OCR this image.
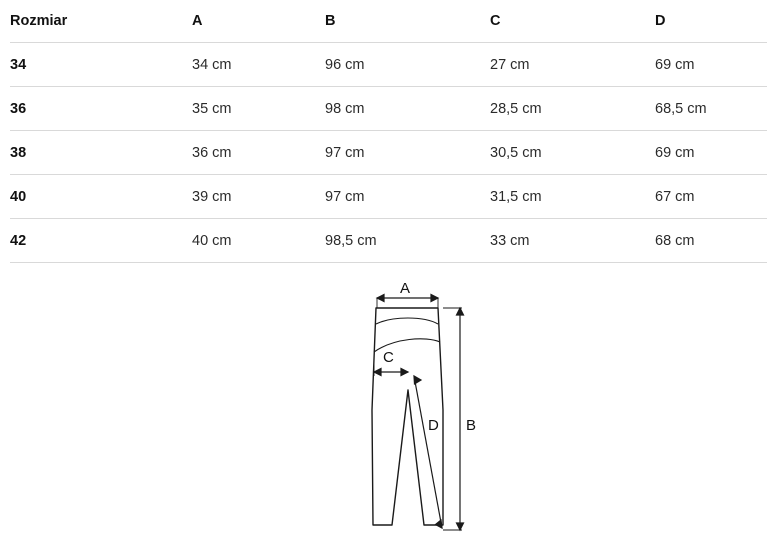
Rozmiar	A	B	C	D
34	34 cm	96 cm	27 cm	69 cm
36	35 cm	98 cm	28,5 cm	68,5 cm
38	36 cm	97 cm	30,5 cm	69 cm
40	39 cm	97 cm	31,5 cm	67 cm
42	40 cm	98,5 cm	33 cm	68 cm
A
C
B
D
